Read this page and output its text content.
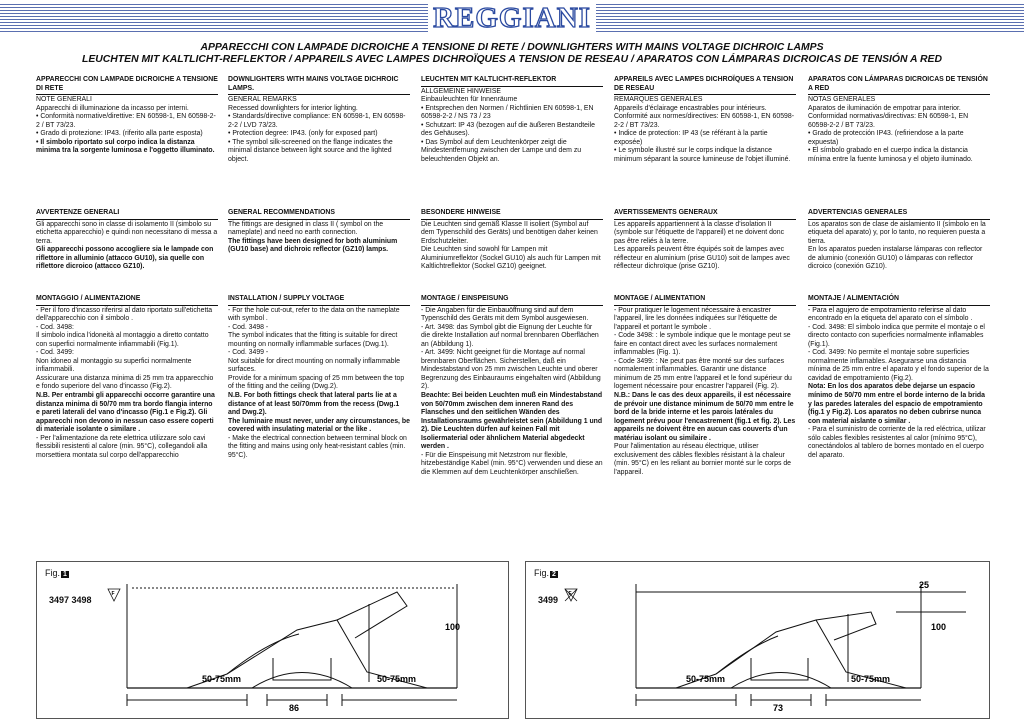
REGGIANI
APPARECCHI CON LAMPADE DICROICHE A TENSIONE DI RETE / DOWNLIGHTERS WITH MAINS VOLTAGE DICHROIC LAMPS
LEUCHTEN MIT KALTLICHT-REFLEKTOR / APPAREILS AVEC LAMPES DICHROÏQUES A TENSION DE RESEAU / APARATOS CON LÁMPARAS DICROICAS DE TENSIÓN A RED
APPARECCHI CON LAMPADE DICROICHE A TENSIONE DI RETE

NOTE GENERALI

Apparecchi di illuminazione da incasso per interni.

• Conformità normative/direttive: EN 60598-1, EN 60598-2-2 / BT 73/23.

• Grado di protezione: IP43. (riferito alla parte esposta)

• Il simbolo riportato sul corpo indica la distanza minima tra la sorgente luminosa e l'oggetto illuminato.

AVVERTENZE GENERALI

Gli apparecchi sono in classe di isolamento II (simbolo su etichetta apparecchio) e quindi non necessitano di messa a terra.

Gli apparecchi possono accogliere sia le lampade con riflettore in alluminio (attacco GU10), sia quelle con riflettore dicroico (attacco GZ10).

MONTAGGIO / ALIMENTAZIONE

- Per il foro d'incasso riferirsi al dato riportato sull'etichetta dell'apparecchio con il simbolo .

- Cod. 3498:

Il simbolo indica l'idoneità al montaggio a diretto contatto con superfici normalmente infiammabili (Fig.1).

- Cod. 3499:

Non idoneo al montaggio su superfici normalmente infiammabili.

Assicurare una distanza minima di 25 mm tra apparecchio e fondo superiore del vano d'incasso (Fig.2).

N.B. Per entrambi gli apparecchi occorre garantire una distanza minima di 50/70 mm tra bordo flangia interno e pareti laterali del vano d'incasso (Fig.1 e Fig.2). Gli apparecchi non devono in nessun caso essere coperti di materiale isolante o similare .

- Per l'alimentazione da rete elettrica utilizzare solo cavi flessibili resistenti al calore (min. 95°C), collegandoli alla morsettiera montata sul corpo dell'apparecchio

DOWNLIGHTERS WITH MAINS VOLTAGE DICHROIC LAMPS.

GENERAL REMARKS

Recessed downlighters for interior lighting.

• Standards/directive compliance: EN 60598-1, EN 60598-2-2 / LVD 73/23.

• Protection degree: IP43. (only for exposed part)

• The symbol silk-screened on the flange indicates the minimal distance between light source and the lighted object.

GENERAL RECOMMENDATIONS

The fittings are designed in class II ( symbol on the nameplate) and need no earth connection.

The fittings have been designed for both aluminium (GU10 base) and dichroic reflector (GZ10) lamps.

INSTALLATION / SUPPLY VOLTAGE

- For the hole cut-out, refer to the data on the nameplate with symbol .

- Cod. 3498 -

The symbol indicates that the fitting is suitable for direct mounting on normally inflammable surfaces (Dwg.1).

- Cod. 3499 -

Not suitable for direct mounting on normally inflammable surfaces.

Provide for a minimum spacing of 25 mm between the top of the fitting and the ceiling (Dwg.2).

N.B. For both fittings check that lateral parts lie at a distance of at least 50/70mm from the recess (Dwg.1 and Dwg.2).

The luminaire must never, under any circumstances, be covered with insulating material or the like .

- Make the electrical connection between terminal block on the fitting and mains using only heat-resistant cables (min. 95°C).

LEUCHTEN MIT KALTLICHT-REFLEKTOR

ALLGEMEINE HINWEISE

Einbauleuchten für Innenräume

• Entsprechen den Normen / Richtlinien EN 60598-1, EN 60598-2-2 / NS 73 / 23

• Schutzart: IP 43 (bezogen auf die äußeren Bestandteile des Gehäuses).

• Das Symbol auf dem Leuchtenkörper zeigt die Mindestentfernung zwischen der Lampe und dem zu beleuchtenden Objekt an.

BESONDERE HINWEISE

Die Leuchten sind gemäß Klasse II isoliert (Symbol auf dem Typenschild des Geräts) und benötigen daher keinen Erdschutzleiter.

Die Leuchten sind sowohl für Lampen mit Aluminiumreflektor (Sockel GU10) als auch für Lampen mit Kaltlichtreflektor (Sockel GZ10) geeignet.

MONTAGE / EINSPEISUNG

- Die Angaben für die Einbauöffnung sind auf dem Typenschild des Geräts mit dem Symbol ausgewiesen.

- Art. 3498: das Symbol gibt die Eignung der Leuchte für die direkte Installation auf normal brennbaren Oberflächen an (Abbildung 1).

- Art. 3499: Nicht geeignet für die Montage auf normal brennbaren Oberflächen. Sicherstellen, daß ein Mindestabstand von 25 mm zwischen Leuchte und oberer Begrenzung des Einbauraums eingehalten wird (Abbildung 2).

Beachte: Bei beiden Leuchten muß ein Mindestabstand von 50/70mm zwischen dem inneren Rand des Flansches und den seitlichen Wänden des Installationsraums gewährleistet sein (Abbildung 1 und 2). Die Leuchten dürfen auf keinen Fall mit Isoliermaterial oder ähnlichem Material abgedeckt werden .

- Für die Einspeisung mit Netzstrom nur flexible, hitzebeständige Kabel (min. 95°C) verwenden und diese an die Klemmen auf dem Leuchtenkörper anschließen.

APPAREILS AVEC LAMPES DICHROÏQUES A TENSION DE RESEAU

REMARQUES GENERALES

Appareils d'éclairage encastrables pour intérieurs.

Conformité aux normes/directives: EN 60598-1, EN 60598-2-2 / BT 73/23.

• Indice de protection: IP 43 (se référant à la partie exposée)

• Le symbole illustré sur le corps indique la distance minimum séparant la source lumineuse de l'objet illuminé.

AVERTISSEMENTS GENERAUX

Les appareils appartiennent à la classe d'isolation II (symbole sur l'étiquette de l'appareil) et ne doivent donc pas être reliés à la terre.

Les appareils peuvent être équipés soit de lampes avec réflecteur en aluminium (prise GU10) soit de lampes avec réflecteur dichroïque (prise GZ10).

MONTAGE / ALIMENTATION

- Pour pratiquer le logement nécessaire à encastrer l'appareil, lire les données indiquées sur l'étiquette de l'appareil et portant le symbole .

- Code 3498: : le symbole indique que le montage peut se faire en contact direct avec les surfaces normalement inflammables (Fig. 1).

- Code 3499: : Ne peut pas être monté sur des surfaces normalement inflammables. Garantir une distance minimum de 25 mm entre l'appareil et le fond supérieur du logement nécessaire pour encastrer l'appareil (Fig. 2).

N.B.: Dans le cas des deux appareils, il est nécessaire de prévoir une distance minimum de 50/70 mm entre le bord de la bride interne et les parois latérales du logement prévu pour l'encastrement (fig.1 et fig. 2). Les appareils ne doivent être en aucun cas couverts d'un matériau isolant ou similaire .

Pour l'alimentation au réseau électrique, utiliser exclusivement des câbles flexibles résistant à la chaleur (min. 95°C) en les reliant au bornier monté sur le corps de l'appareil.

APARATOS CON LÁMPARAS DICROICAS DE TENSIÓN A RED

NOTAS GENERALES

Aparatos de iluminación de empotrar para interior.

Conformidad normativas/directivas: EN 60598-1, EN 60598-2-2 / BT 73/23.

• Grado de protección IP43. (refiriendose a la parte expuesta)

• El símbolo grabado en el cuerpo indica la distancia mínima entre la fuente luminosa y el objeto iluminado.

ADVERTENCIAS GENERALES

Los aparatos son de clase de aislamiento II (símbolo en la etiqueta del aparato) y, por lo tanto, no requieren puesta a tierra.

En los aparatos pueden instalarse lámparas con reflector de aluminio (conexión GU10) o lámparas con reflector dicroico (conexión GZ10).

MONTAJE / ALIMENTACIÓN

- Para el agujero de empotramiento referirse al dato encontrado en la etiqueta del aparato con el símbolo .

- Cod. 3498: El símbolo indica que permite el montaje o el directo contacto con superficies normalmente inflamables (Fig.1).

- Cod. 3499: No permite el montaje sobre superficies normalmente inflamables. Asegurarse una distancia mínima de 25 mm entre el aparato y el fondo superior de la cavidad de empotramiento (Fig.2).

Nota: En los dos aparatos debe dejarse un espacio mínimo de 50/70 mm entre el borde interno de la brida y las paredes laterales del espacio de empotramiento (fig.1 y Fig.2). Los aparatos no deben cubrirse nunca con material aislante o similar .

- Para el suministro de corriente de la red eléctrica, utilizar sólo cables flexibles resistentes al calor (mínimo 95°C), conectándolos al tablero de bornes montado en el cuerpo del aparato.

Fig. 1
3497 3498
F
100
50-75mm
86
50-75mm
Fig. 2
3499
25
100
50-75mm
73
50-75mm
